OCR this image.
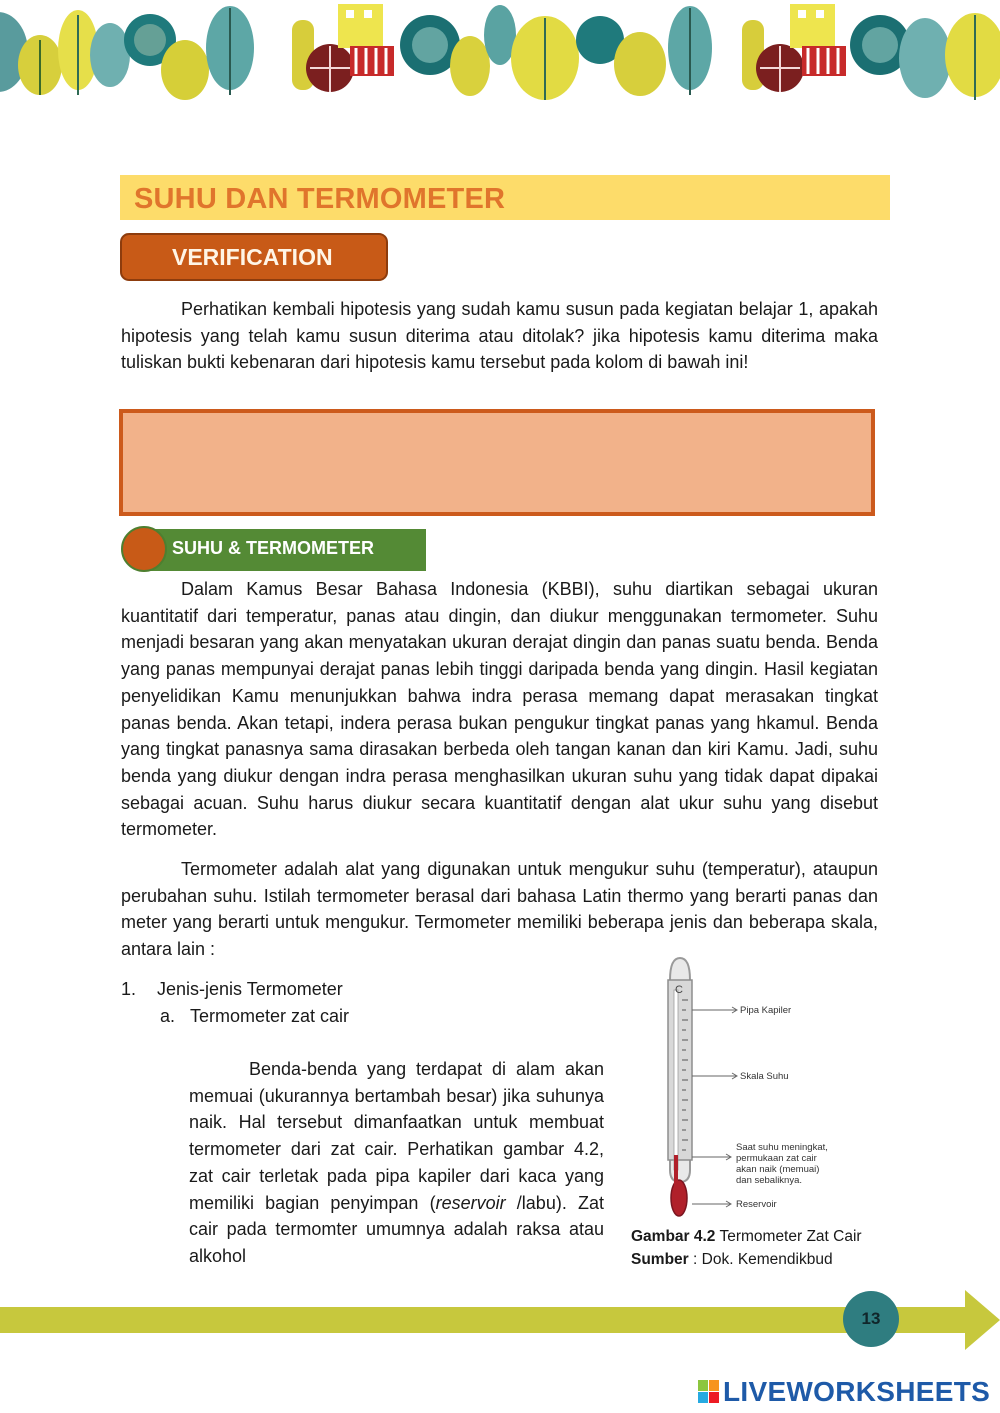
SUHU DAN TERMOMETER
VERIFICATION
Perhatikan kembali hipotesis yang sudah kamu susun pada kegiatan belajar 1, apakah hipotesis yang telah kamu susun diterima atau ditolak? jika hipotesis kamu diterima maka tuliskan bukti kebenaran dari hipotesis kamu tersebut pada kolom di bawah ini!
SUHU & TERMOMETER
Dalam Kamus Besar Bahasa Indonesia (KBBI), suhu diartikan sebagai ukuran kuantitatif dari temperatur, panas atau dingin, dan diukur menggunakan termometer. Suhu menjadi besaran yang akan menyatakan ukuran derajat dingin dan panas suatu benda. Benda yang panas mempunyai derajat panas lebih tinggi daripada benda yang dingin. Hasil kegiatan penyelidikan Kamu menunjukkan bahwa indra perasa memang dapat merasakan tingkat panas benda. Akan tetapi, indera perasa bukan pengukur tingkat panas yang hkamul. Benda yang tingkat panasnya sama dirasakan berbeda oleh tangan kanan dan kiri Kamu. Jadi, suhu benda yang diukur dengan indra perasa menghasilkan ukuran suhu yang tidak dapat dipakai sebagai acuan. Suhu harus diukur secara kuantitatif dengan alat ukur suhu yang disebut termometer.
Termometer adalah alat yang digunakan untuk mengukur suhu (temperatur), ataupun perubahan suhu. Istilah termometer berasal dari bahasa Latin thermo yang berarti panas dan meter yang berarti untuk mengukur. Termometer memiliki beberapa jenis dan beberapa skala, antara lain :
1. Jenis-jenis Termometer
a. Termometer zat cair
Benda-benda yang terdapat di alam akan memuai (ukurannya bertambah besar) jika suhunya naik. Hal tersebut dimanfaatkan untuk membuat termometer dari zat cair. Perhatikan gambar 4.2, zat cair terletak pada pipa kapiler dari kaca yang memiliki bagian penyimpan (reservoir /labu). Zat cair pada termomter umumnya adalah raksa atau alkohol
C
Pipa Kapiler
Skala Suhu
Saat suhu meningkat,
permukaan zat cair
akan naik (memuai)
dan sebaliknya.
Reservoir
Gambar 4.2 Termometer Zat Cair
Sumber : Dok. Kemendikbud
13
LIVEWORKSHEETS
